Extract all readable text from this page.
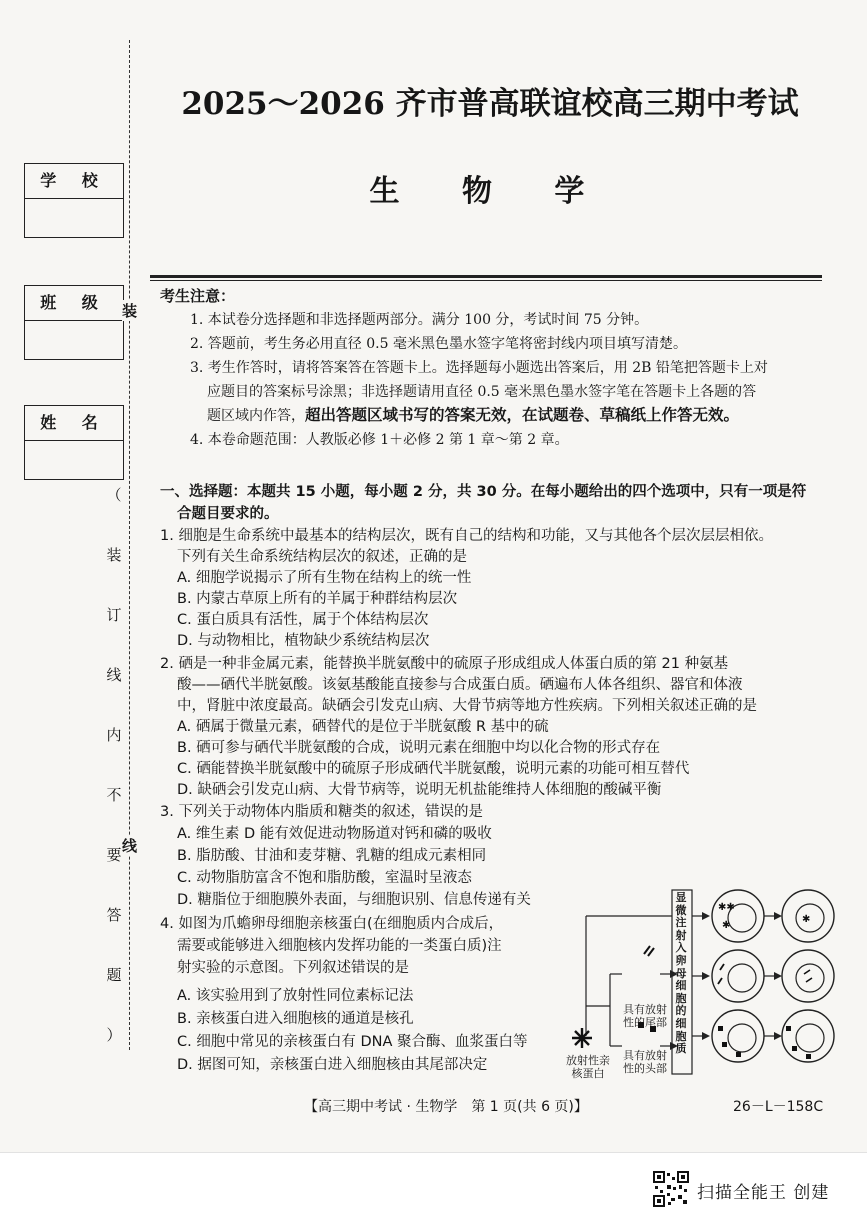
学 校
班 级
姓 名
装
线
（
装
订
线
内
不
要
答
题
）
2025～2026 齐市普高联谊校高三期中考试
生 物 学
考生注意：
1. 本试卷分选择题和非选择题两部分。满分 100 分，考试时间 75 分钟。
2. 答题前，考生务必用直径 0.5 毫米黑色墨水签字笔将密封线内项目填写清楚。
3. 考生作答时，请将答案答在答题卡上。选择题每小题选出答案后，用 2B 铅笔把答题卡上对
应题目的答案标号涂黑；非选择题请用直径 0.5 毫米黑色墨水签字笔在答题卡上各题的答
题区域内作答，超出答题区域书写的答案无效，在试题卷、草稿纸上作答无效。
4. 本卷命题范围：人教版必修 1＋必修 2 第 1 章～第 2 章。
一、选择题：本题共 15 小题，每小题 2 分，共 30 分。在每小题给出的四个选项中，只有一项是符
合题目要求的。
1. 细胞是生命系统中最基本的结构层次，既有自己的结构和功能，又与其他各个层次层层相依。
下列有关生命系统结构层次的叙述，正确的是
A. 细胞学说揭示了所有生物在结构上的统一性
B. 内蒙古草原上所有的羊属于种群结构层次
C. 蛋白质具有活性，属于个体结构层次
D. 与动物相比，植物缺少系统结构层次
2. 硒是一种非金属元素，能替换半胱氨酸中的硫原子形成组成人体蛋白质的第 21 种氨基
酸——硒代半胱氨酸。该氨基酸能直接参与合成蛋白质。硒遍布人体各组织、器官和体液
中，肾脏中浓度最高。缺硒会引发克山病、大骨节病等地方性疾病。下列相关叙述正确的是
A. 硒属于微量元素，硒替代的是位于半胱氨酸 R 基中的硫
B. 硒可参与硒代半胱氨酸的合成，说明元素在细胞中均以化合物的形式存在
C. 硒能替换半胱氨酸中的硫原子形成硒代半胱氨酸，说明元素的功能可相互替代
D. 缺硒会引发克山病、大骨节病等，说明无机盐能维持人体细胞的酸碱平衡
3. 下列关于动物体内脂质和糖类的叙述，错误的是
A. 维生素 D 能有效促进动物肠道对钙和磷的吸收
B. 脂肪酸、甘油和麦芽糖、乳糖的组成元素相同
C. 动物脂肪富含不饱和脂肪酸，室温时呈液态
D. 糖脂位于细胞膜外表面，与细胞识别、信息传递有关
4. 如图为爪蟾卵母细胞亲核蛋白(在细胞质内合成后，
需要或能够进入细胞核内发挥功能的一类蛋白质)注
射实验的示意图。下列叙述错误的是
A. 该实验用到了放射性同位素标记法
B. 亲核蛋白进入细胞核的通道是核孔
C. 细胞中常见的亲核蛋白有 DNA 聚合酶、血浆蛋白等
D. 据图可知，亲核蛋白进入细胞核由其尾部决定
✱✱
✱
✱
显微注射入卵母细胞的细胞质
放射性亲核蛋白
具有放射性的尾部
具有放射性的头部
【高三期中考试 · 生物学　第 1 页(共 6 页)】	26－L－158C
扫描全能王 创建
